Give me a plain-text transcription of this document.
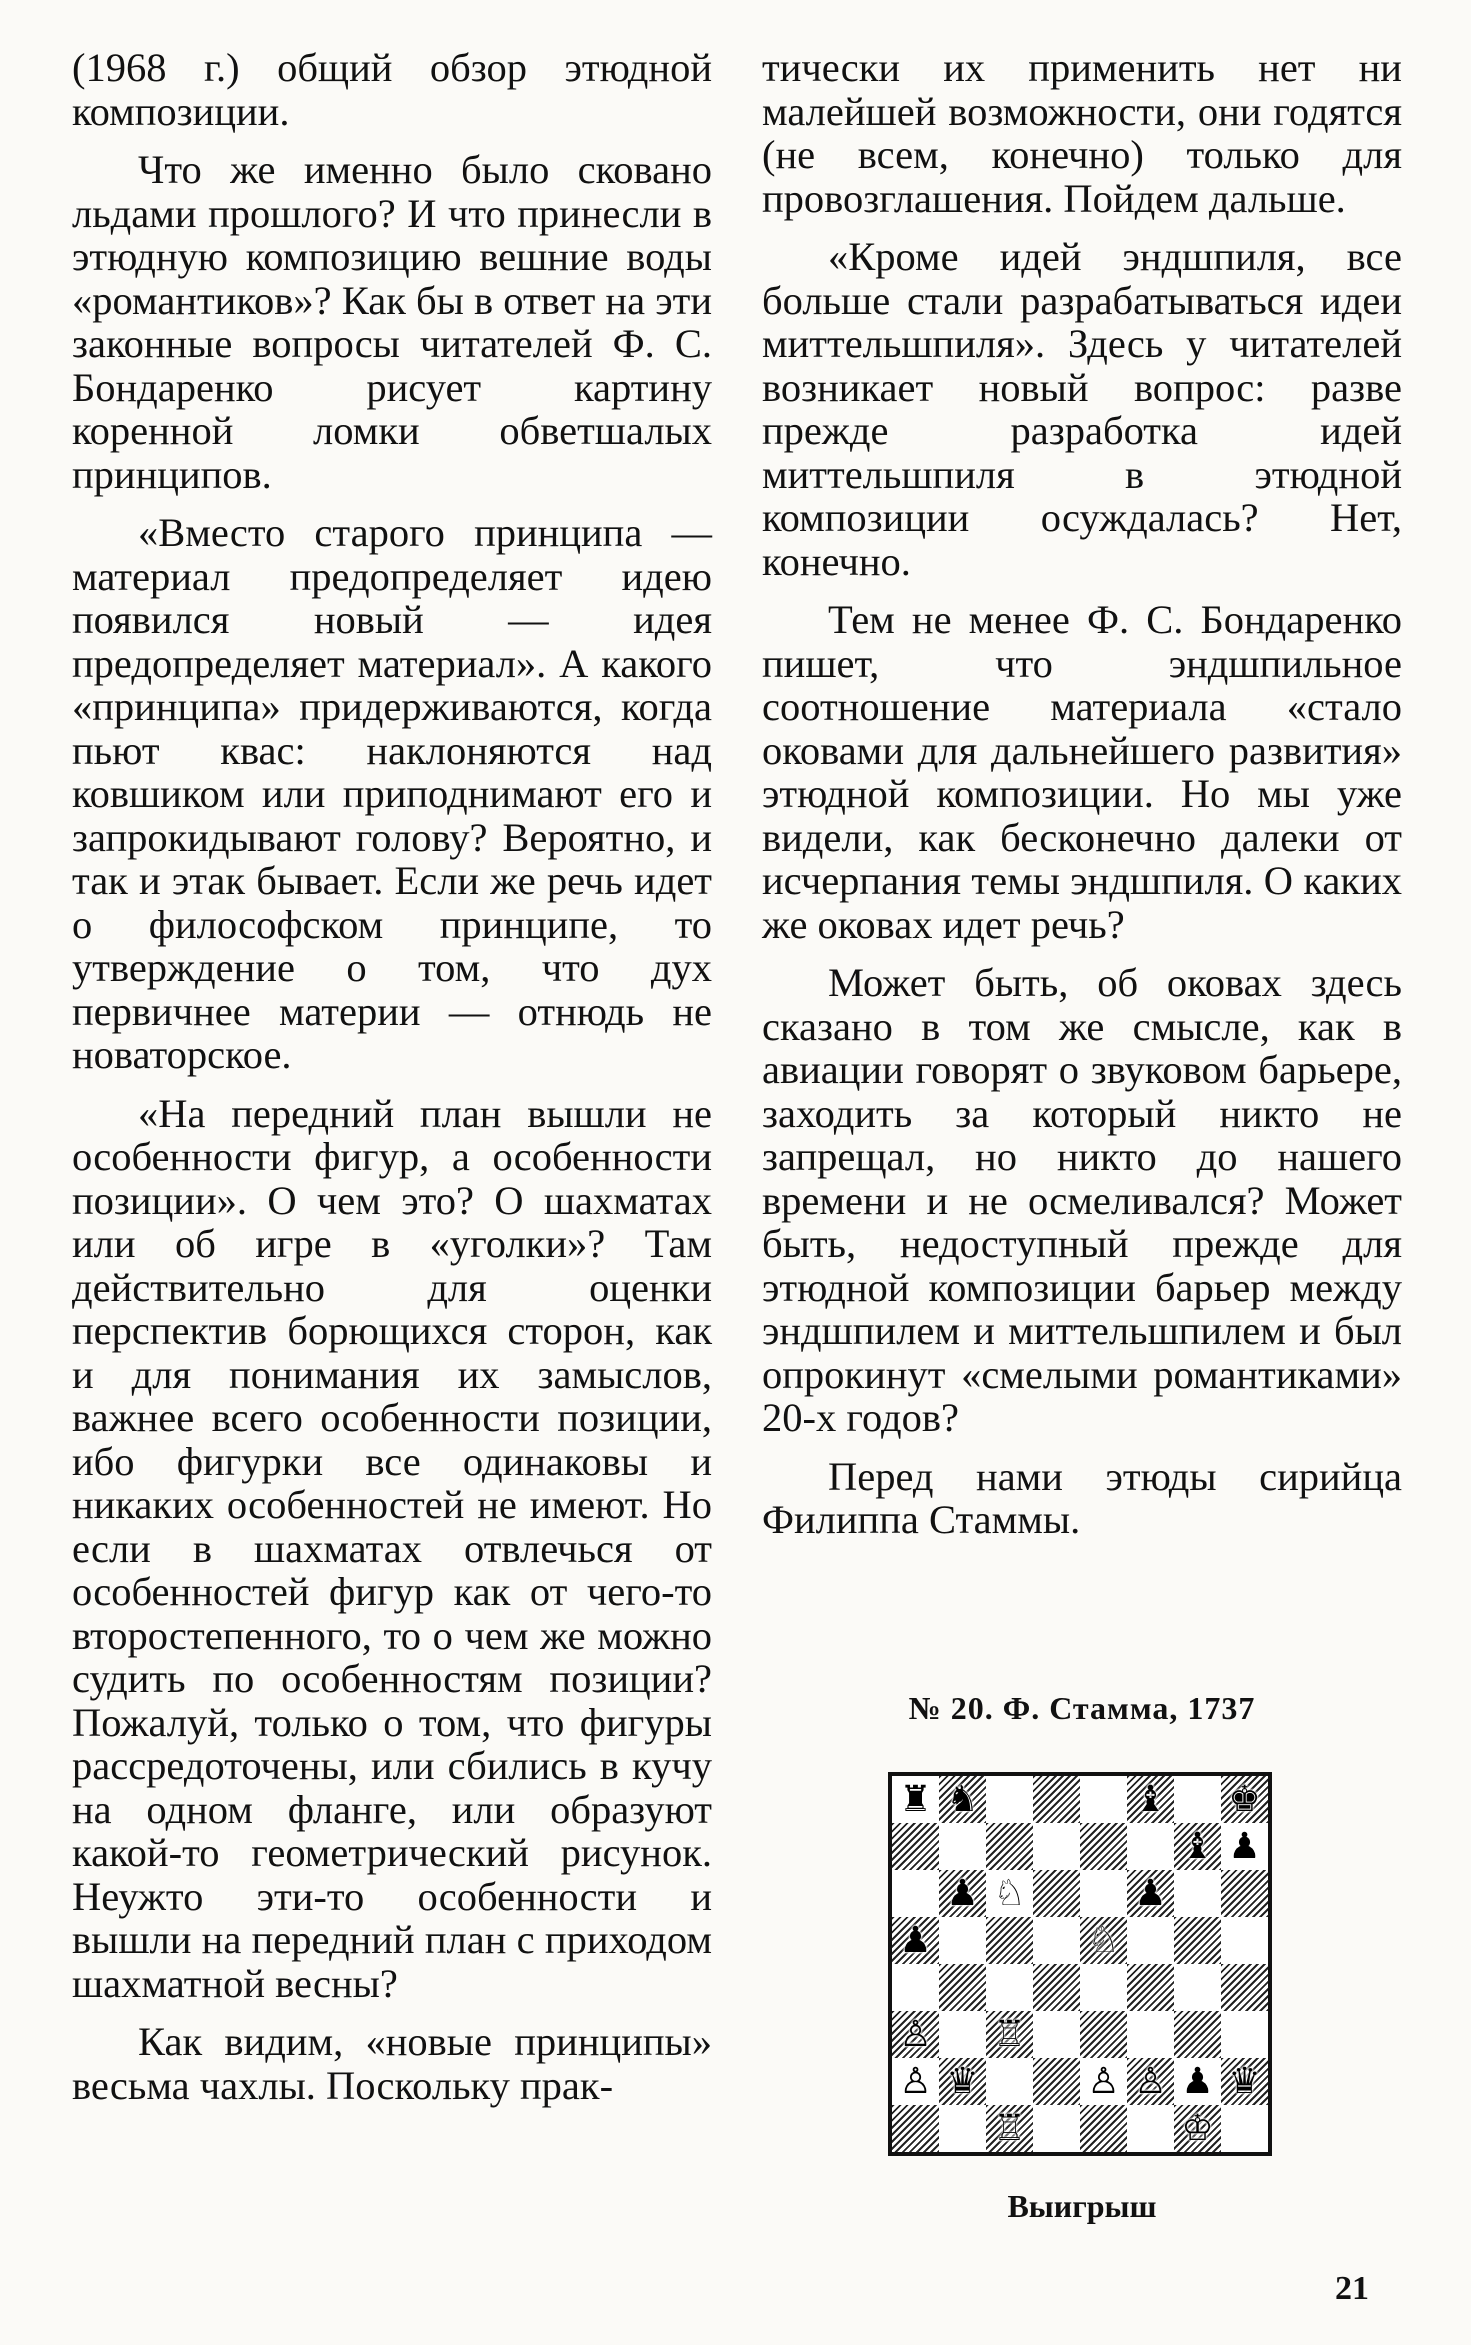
(1968 г.) общий обзор этюдной композиции.

Что же именно было сковано льдами прошлого? И что принесли в этюдную композицию вешние воды «романтиков»? Как бы в ответ на эти законные вопросы читателей Ф. С. Бондаренко рисует картину коренной ломки обветшалых принципов.

«Вместо старого принципа — материал предопределяет идею появился новый — идея предопределяет материал». А какого «принципа» придерживаются, когда пьют квас: наклоняются над ковшиком или приподнимают его и запрокидывают голову? Вероятно, и так и этак бывает. Если же речь идет о философском принципе, то утверждение о том, что дух первичнее материи — отнюдь не новаторское.

«На передний план вышли не особенности фигур, а особенности позиции». О чем это? О шахматах или об игре в «уголки»? Там действительно для оценки перспектив борющихся сторон, как и для понимания их замыслов, важнее всего особенности позиции, ибо фигурки все одинаковы и никаких особенностей не имеют. Но если в шахматах отвлечься от особенностей фигур как от чего-то второстепенного, то о чем же можно судить по особенностям позиции? Пожалуй, только о том, что фигуры рассредоточены, или сбились в кучу на одном фланге, или образуют какой-то геометрический рисунок. Неужто эти-то особенности и вышли на передний план с приходом шахматной весны?

Как видим, «новые принципы» весьма чахлы. Поскольку прак-

тически их применить нет ни малейшей возможности, они годятся (не всем, конечно) только для провозглашения. Пойдем дальше.

«Кроме идей эндшпиля, все больше стали разрабатываться идеи миттельшпиля». Здесь у читателей возникает новый вопрос: разве прежде разработка идей миттельшпиля в этюдной композиции осуждалась? Нет, конечно.

Тем не менее Ф. С. Бондаренко пишет, что эндшпильное соотношение материала «стало оковами для дальнейшего развития» этюдной композиции. Но мы уже видели, как бесконечно далеки от исчерпания темы эндшпиля. О каких же оковах идет речь?

Может быть, об оковах здесь сказано в том же смысле, как в авиации говорят о звуковом барьере, заходить за который никто не запрещал, но никто до нашего времени и не осмеливался? Может быть, недоступный прежде для этюдной композиции барьер между эндшпилем и миттельшпилем и был опрокинут «смелыми романтиками» 20-х годов?

Перед нами этюды сирийца Филиппа Стаммы.

№ 20. Ф. Стамма, 1737
♜ ♞	♝ ♚
♝ ♟
♟ ♘	♟
♟	♘
♙ ♖
♙ ♛	♙ ♙ ♟ ♛
♖	♔
Выигрыш
21
